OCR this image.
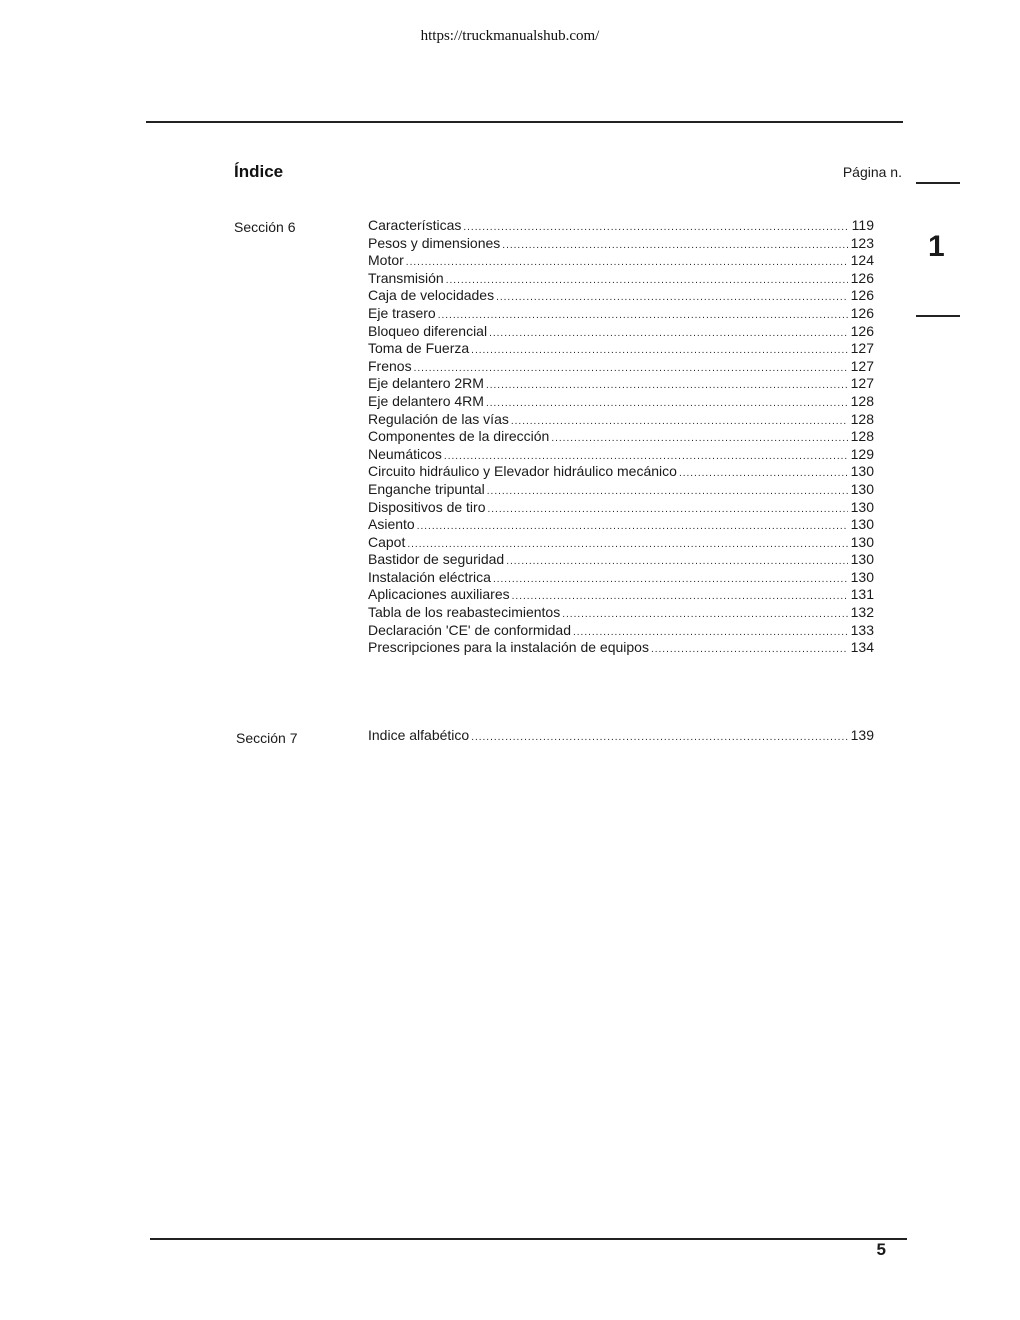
https://truckmanualshub.com/
Índice	Página n.
1
Sección 6	Características .....	119
Pesos y dimensiones .....	123
Motor .....	124
Transmisión .....	126
Caja de velocidades .....	126
Eje trasero .....	126
Bloqueo diferencial .....	126
Toma de Fuerza .....	127
Frenos .....	127
Eje delantero 2RM .....	127
Eje delantero 4RM .....	128
Regulación de las vías .....	128
Componentes de la dirección .....	128
Neumáticos .....	129
Circuito hidráulico y Elevador hidráulico mecánico .....	130
Enganche tripuntal .....	130
Dispositivos de tiro .....	130
Asiento .....	130
Capot .....	130
Bastidor de seguridad .....	130
Instalación eléctrica .....	130
Aplicaciones auxiliares .....	131
Tabla de los reabastecimientos .....	132
Declaración 'CE' de conformidad .....	133
Prescripciones para la instalación de equipos .....	134
Sección 7	Indice alfabético .....	139
5
